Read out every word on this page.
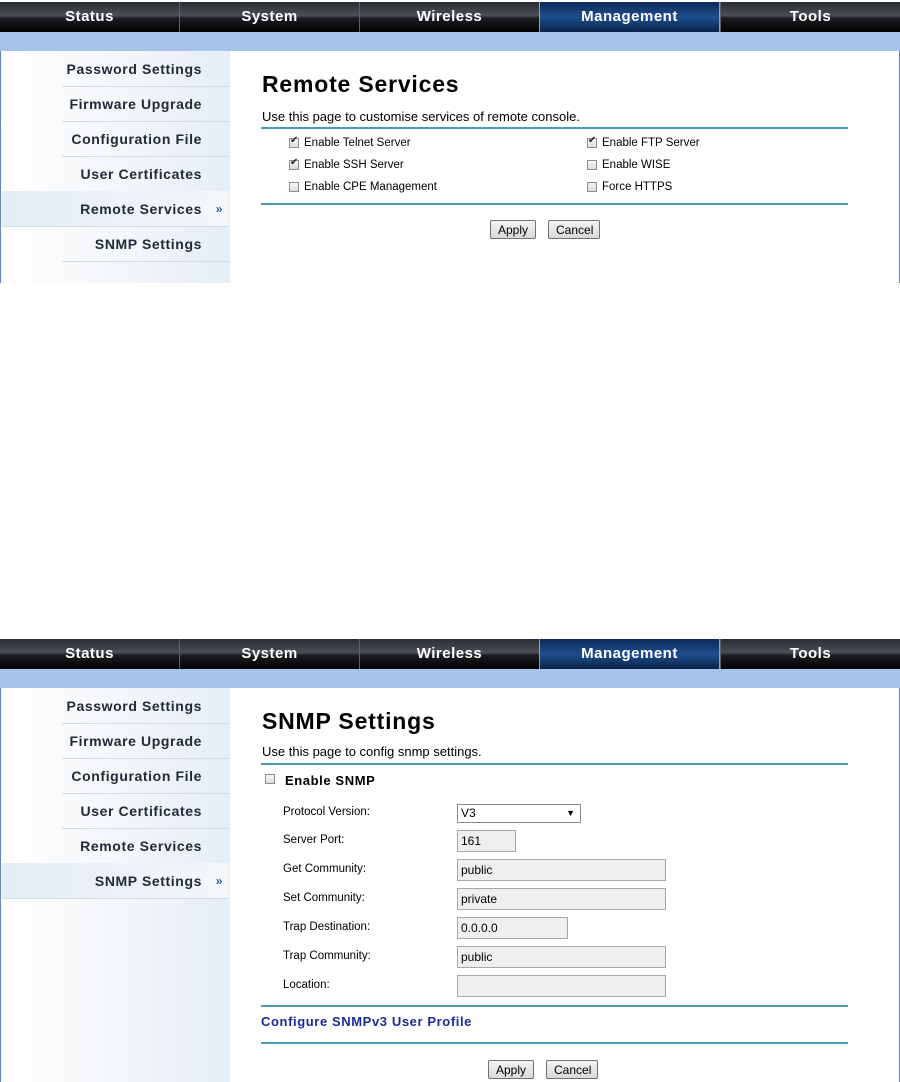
Status	System	Wireless	Management	Tools
Password Settings
Firmware Upgrade
Configuration File
User Certificates
Remote Services »
SNMP Settings
Remote Services
Use this page to customise services of remote console.
✔
Enable Telnet Server
✔	Enable FTP Server
✔
Enable SSH Server	Enable WISE
Enable CPE Management	Force HTTPS
Apply	Cancel
Status	System	Wireless	Management	Tools
Password Settings
Firmware Upgrade
Configuration File
User Certificates
Remote Services
SNMP Settings »
SNMP Settings
Use this page to config snmp settings.
Enable SNMP
Protocol Version:	V3	▼
Server Port:	161
Get Community:	public
Set Community:	private
Trap Destination:	0.0.0.0
Trap Community:	public
Location:
Configure SNMPv3 User Profile
Apply	Cancel
